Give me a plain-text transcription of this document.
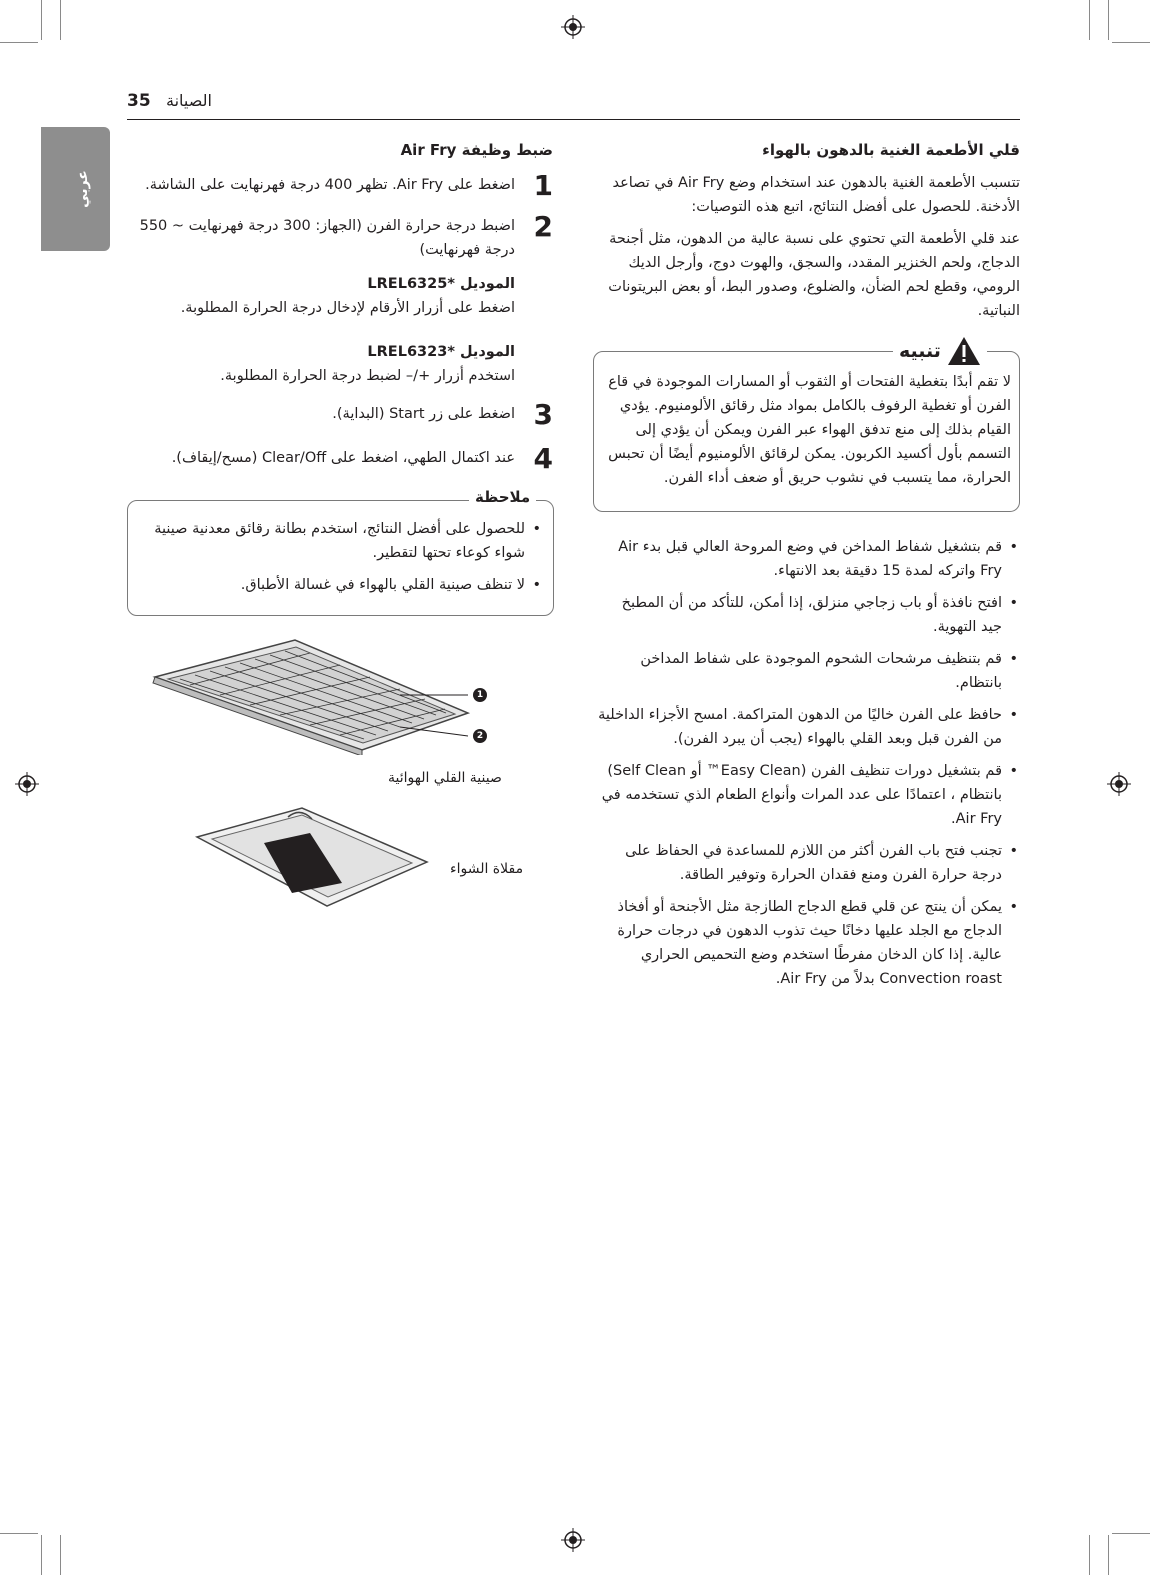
عربي
35 الصيانة
قلي الأطعمة الغنية بالدهون بالهواء
تتسبب الأطعمة الغنية بالدهون عند استخدام وضع Air Fry في تصاعد الأدخنة. للحصول على أفضل النتائج، اتبع هذه التوصيات:
عند قلي الأطعمة التي تحتوي على نسبة عالية من الدهون، مثل أجنحة الدجاج، ولحم الخنزير المقدد، والسجق، والهوت دوج، وأرجل الديك الرومي، وقطع لحم الضأن، والضلوع، وصدور البط، أو بعض البريتونات النباتية.
لا تقم أبدًا بتغطية الفتحات أو الثقوب أو المسارات الموجودة في قاع الفرن أو تغطية الرفوف بالكامل بمواد مثل رقائق الألومنيوم. يؤدي القيام بذلك إلى منع تدفق الهواء عبر الفرن ويمكن أن يؤدي إلى التسمم بأول أكسيد الكربون. يمكن لرقائق الألومنيوم أيضًا أن تحبس الحرارة، مما يتسبب في نشوب حريق أو ضعف أداء الفرن.
تنبيه
• قم بتشغيل شفاط المداخن في وضع المروحة العالي قبل بدء Air Fry واتركه لمدة 15 دقيقة بعد الانتهاء.
• افتح نافذة أو باب زجاجي منزلق، إذا أمكن، للتأكد من أن المطبخ جيد التهوية.
• قم بتنظيف مرشحات الشحوم الموجودة على شفاط المداخن بانتظام.
• حافظ على الفرن خاليًا من الدهون المتراكمة. امسح الأجزاء الداخلية من الفرن قبل وبعد القلي بالهواء (يجب أن يبرد الفرن).
• قم بتشغيل دورات تنظيف الفرن (Easy Clean™ أو Self Clean) بانتظام ، اعتمادًا على عدد المرات وأنواع الطعام الذي تستخدمه في Air Fry.
• تجنب فتح باب الفرن أكثر من اللازم للمساعدة في الحفاظ على درجة حرارة الفرن ومنع فقدان الحرارة وتوفير الطاقة.
• يمكن أن ينتج عن قلي قطع الدجاج الطازجة مثل الأجنحة أو أفخاذ الدجاج مع الجلد عليها دخانًا حيث تذوب الدهون في درجات حرارة عالية. إذا كان الدخان مفرطًا استخدم وضع التحميص الحراري Convection roast بدلاً من Air Fry.
ضبط وظيفة Air Fry
1
اضغط على Air Fry. تظهر 400 درجة فهرنهايت على الشاشة.
2
اضبط درجة حرارة الفرن (الجهاز: 300 درجة فهرنهايت ~ 550 درجة فهرنهايت)
الموديل *LREL6325
اضغط على أزرار الأرقام لإدخال درجة الحرارة المطلوبة.
الموديل *LREL6323
استخدم أزرار +/– لضبط درجة الحرارة المطلوبة.
3
اضغط على زر Start (البداية).
4
عند اكتمال الطهي، اضغط على Clear/Off (مسح/إيقاف).
• للحصول على أفضل النتائج، استخدم بطانة رقائق معدنية صينية شواء كوعاء تحتها لتقطير.
• لا تنظف صينية القلي بالهواء في غسالة الأطباق.
ملاحظة
1
2
صينية القلي الهوائية
مقلاة الشواء
